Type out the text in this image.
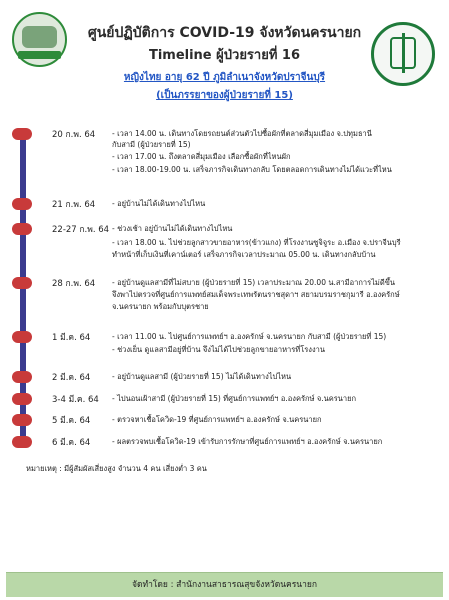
ศูนย์ปฏิบัติการ COVID-19 จังหวัดนครนายก
Timeline ผู้ป่วยรายที่ 16
หญิงไทย อายุ 62 ปี ภูมิลำเนาจังหวัดปราจีนบุรี
(เป็นภรรยาของผู้ป่วยรายที่ 15)
20 ก.พ. 64 - เวลา 14.00 น. เดินทางโดยรถยนต์ส่วนตัวไปซื้อผักที่ตลาดสี่มุมเมือง จ.ปทุมธานี
กับสามี (ผู้ป่วยรายที่ 15)
- เวลา 17.00 น. ถึงตลาดสี่มุมเมือง เลือกซื้อผักที่ไหนผัก
- เวลา 18.00-19.00 น. เสร็จภารกิจเดินทางกลับ โดยตลอดการเดินทางไม่ได้แวะที่ไหน
21 ก.พ. 64 - อยู่บ้านไม่ได้เดินทางไปไหน
22-27 ก.พ. 64 - ช่วงเช้า อยู่บ้านไม่ได้เดินทางไปไหน
- เวลา 18.00 น. ไปช่วยลูกสาวขายอาหาร(ข้าวแกง) ที่โรงงานซูจิจูระ อ.เมือง จ.ปราจีนบุรี
ทำหน้าที่เก็บเงินที่เคาน์เตอร์ เสร็จภารกิจเวลาประมาณ 05.00 น. เดินทางกลับบ้าน
28 ก.พ. 64 - อยู่บ้านดูแลสามีที่ไม่สบาย (ผู้ป่วยรายที่ 15) เวลาประมาณ 20.00 น.สามีอาการไม่ดีขึ้น
จึงพาไปตรวจที่ศูนย์การแพทย์สมเด็จพระเทพรัตนราชสุดาฯ สยามบรมราชกุมารี อ.องครักษ์
จ.นครนายก พร้อมกับบุตรชาย
1 มี.ค. 64	- เวลา 11.00 น. ไปศูนย์การแพทย์ฯ อ.องครักษ์ จ.นครนายก กับสามี (ผู้ป่วยรายที่ 15)
- ช่วงเย็น ดูแลสามีอยู่ที่บ้าน จึงไม่ได้ไปช่วยลูกขายอาหารที่โรงงาน
2 มี.ค. 64	- อยู่บ้านดูแลสามี (ผู้ป่วยรายที่ 15) ไม่ได้เดินทางไปไหน
3-4 มี.ค. 64 - ไปนอนเฝ้าสามี (ผู้ป่วยรายที่ 15) ที่ศูนย์การแพทย์ฯ อ.องครักษ์ จ.นครนายก
5 มี.ค. 64	- ตรวจหาเชื้อโควิด-19 ที่ศูนย์การแพทย์ฯ อ.องครักษ์ จ.นครนายก
6 มี.ค. 64	- ผลตรวจพบเชื้อโควิด-19 เข้ารับการรักษาที่ศูนย์การแพทย์ฯ อ.องครักษ์ จ.นครนายก
หมายเหตุ : มีผู้สัมผัสเสี่ยงสูง จำนวน 4 คน เสี่ยงต่ำ 3 คน
จัดทำโดย : สำนักงานสาธารณสุขจังหวัดนครนายก
